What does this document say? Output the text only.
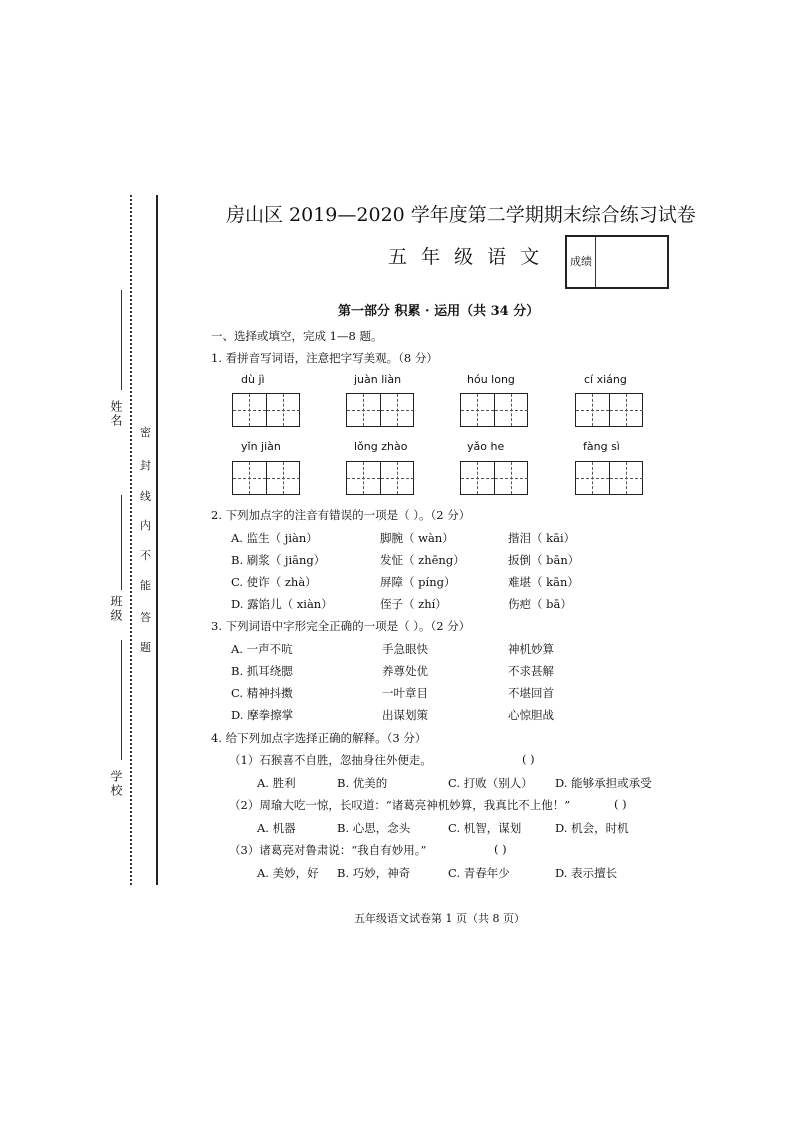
姓名
班级
学校
密
封
线
内
不
能
答
题
房山区 2019—2020 学年度第二学期期末综合练习试卷
五 年 级 语 文 成绩
第一部分 积累 · 运用（共 34 分）
一、选择或填空，完成 1—8 题。
1. 看拼音写词语，注意把字写美观。（8 分）
dù jì	juàn liàn	hóu long	cí xiáng
yǐn jiàn	lǒng zhào	yǎo he	fàng sì
2. 下列加点字的注音有错误的一项是（ ）。（2 分）
A. 监生（ jiàn）	脚腕（ wàn）	揩泪（ kāi）
B. 刷浆（ jiāng）	发怔（ zhēng）	扳倒（ bān）
C. 使诈（ zhà）	屏障（ píng）	难堪（ kān）
D. 露馅儿（ xiàn）	侄子（ zhí）	伤疤（ bā）
3. 下列词语中字形完全正确的一项是（ ）。（2 分）
A. 一声不吭	手急眼快	神机妙算
B. 抓耳绕腮	养尊处优	不求甚解
C. 精神抖擞	一叶章目	不堪回首
D. 摩拳擦掌	出谋划策	心惊胆战
4. 给下列加点字选择正确的解释。（3 分）
（1）石猴喜不自胜，忽抽身往外便走。	( )
A. 胜利	B. 优美的	C. 打败（别人） D. 能够承担或承受
（2）周瑜大吃一惊，长叹道：“诸葛亮神机妙算，我真比不上他！”	( )
A. 机器	B. 心思，念头	C. 机智，谋划	D. 机会，时机
（3）诸葛亮对鲁肃说：“我自有妙用。”	( )
A. 美妙，好 B. 巧妙，神奇	C. 青春年少	D. 表示擅长
五年级语文试卷第 1 页（共 8 页）
